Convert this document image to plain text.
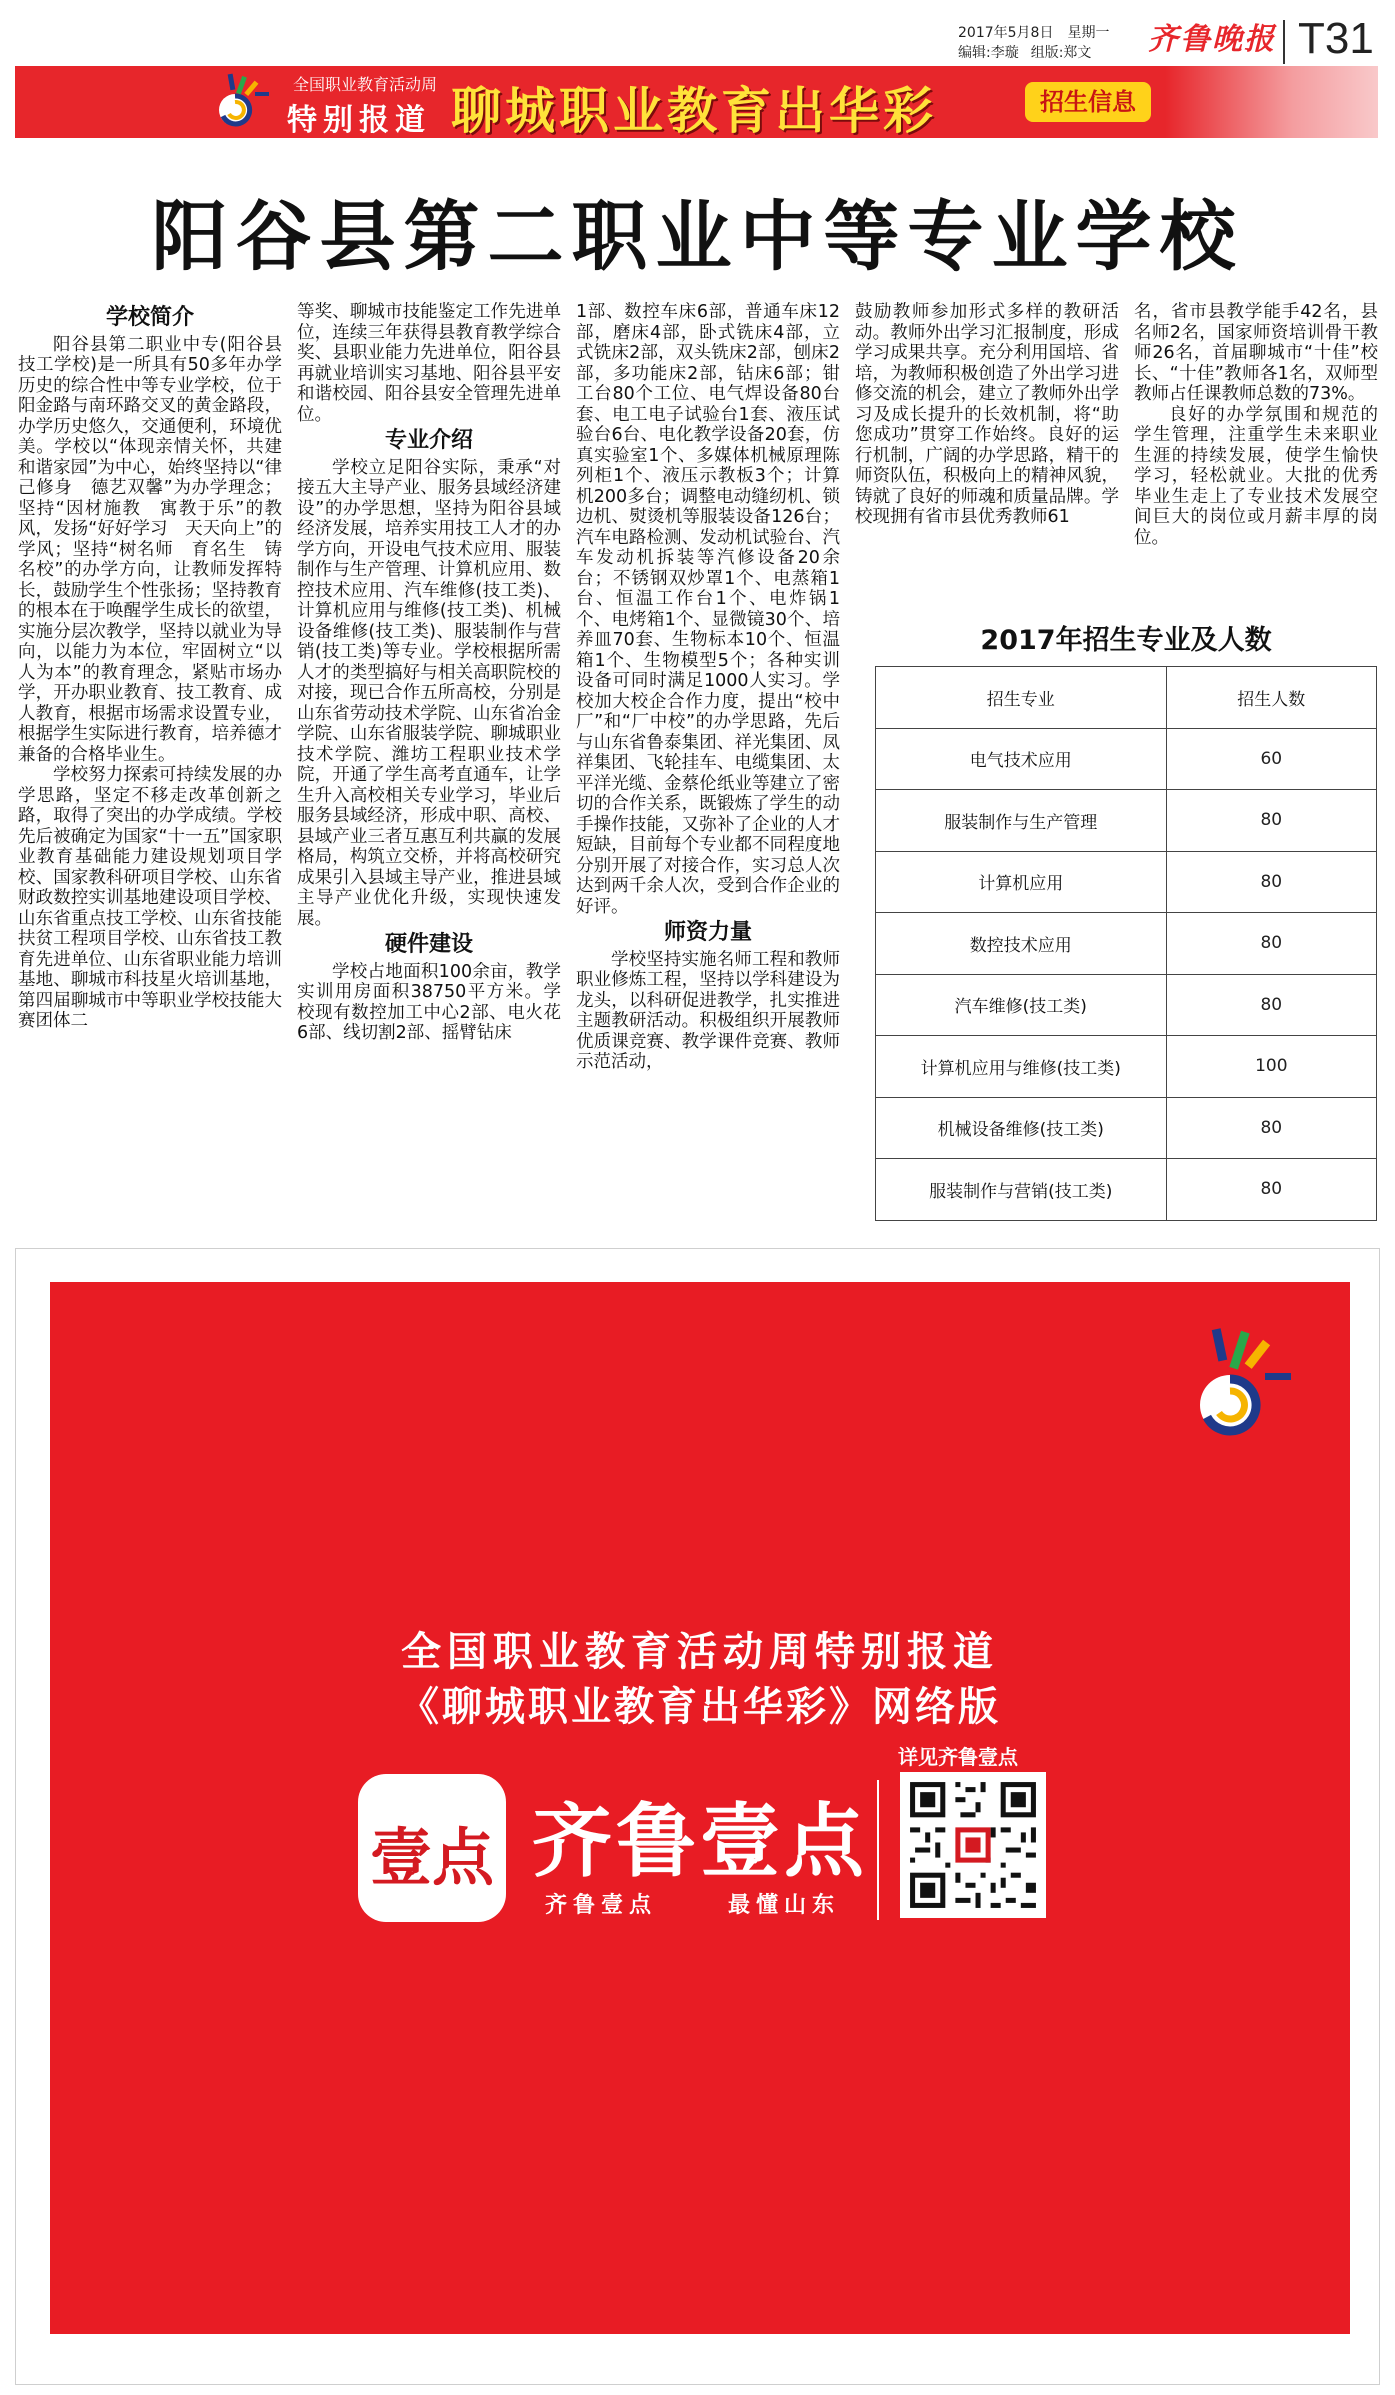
2017年5月8日 星期一
编辑:李璇 组版:郑文	齐鲁晚报 T31
全国职业教育活动周
特别报道 聊城职业教育出华彩	招生信息
阳谷县第二职业中等专业学校
学校简介

阳谷县第二职业中专(阳谷县技工学校)是一所具有50多年办学历史的综合性中等专业学校，位于阳金路与南环路交叉的黄金路段，办学历史悠久，交通便利，环境优美。学校以“体现亲情关怀，共建和谐家园”为中心，始终坚持以“律己修身　德艺双馨”为办学理念；坚持“因材施教　寓教于乐”的教风，发扬“好好学习　天天向上”的学风；坚持“树名师　育名生　铸名校”的办学方向，让教师发挥特长，鼓励学生个性张扬；坚持教育的根本在于唤醒学生成长的欲望，实施分层次教学，坚持以就业为导向，以能力为本位，牢固树立“以人为本”的教育理念，紧贴市场办学，开办职业教育、技工教育、成人教育，根据市场需求设置专业，根据学生实际进行教育，培养德才兼备的合格毕业生。

学校努力探索可持续发展的办学思路，坚定不移走改革创新之路，取得了突出的办学成绩。学校先后被确定为国家“十一五”国家职业教育基础能力建设规划项目学校、国家教科研项目学校、山东省财政数控实训基地建设项目学校、山东省重点技工学校、山东省技能扶贫工程项目学校、山东省技工教育先进单位、山东省职业能力培训基地、聊城市科技星火培训基地，第四届聊城市中等职业学校技能大赛团体二

等奖、聊城市技能鉴定工作先进单位，连续三年获得县教育教学综合奖、县职业能力先进单位，阳谷县再就业培训实习基地、阳谷县平安和谐校园、阳谷县安全管理先进单位。

专业介绍

学校立足阳谷实际，秉承“对接五大主导产业、服务县域经济建设”的办学思想，坚持为阳谷县域经济发展，培养实用技工人才的办学方向，开设电气技术应用、服装制作与生产管理、计算机应用、数控技术应用、汽车维修(技工类)、计算机应用与维修(技工类)、机械设备维修(技工类)、服装制作与营销(技工类)等专业。学校根据所需人才的类型搞好与相关高职院校的对接，现已合作五所高校，分别是山东省劳动技术学院、山东省冶金学院、山东省服装学院、聊城职业技术学院、潍坊工程职业技术学院，开通了学生高考直通车，让学生升入高校相关专业学习，毕业后服务县域经济，形成中职、高校、县域产业三者互惠互利共赢的发展格局，构筑立交桥，并将高校研究成果引入县域主导产业，推进县域主导产业优化升级，实现快速发展。

硬件建设

学校占地面积100余亩，教学实训用房面积38750平方米。学校现有数控加工中心2部、电火花6部、线切割2部、摇臂钻床

1部、数控车床6部，普通车床12部，磨床4部，卧式铣床4部，立式铣床2部，双头铣床2部，刨床2部，多功能床2部，钻床6部；钳工台80个工位、电气焊设备80台套、电工电子试验台1套、液压试验台6台、电化教学设备20套，仿真实验室1个、多媒体机械原理陈列柜1个、液压示教板3个；计算机200多台；调整电动缝纫机、锁边机、熨烫机等服装设备126台；汽车电路检测、发动机试验台、汽车发动机拆装等汽修设备20余台；不锈钢双炒罩1个、电蒸箱1台、恒温工作台1个、电炸锅1个、电烤箱1个、显微镜30个、培养皿70套、生物标本10个、恒温箱1个、生物模型5个；各种实训设备可同时满足1000人实习。学校加大校企合作力度，提出“校中厂”和“厂中校”的办学思路，先后与山东省鲁泰集团、祥光集团、凤祥集团、飞轮挂车、电缆集团、太平洋光缆、金蔡伦纸业等建立了密切的合作关系，既锻炼了学生的动手操作技能，又弥补了企业的人才短缺，目前每个专业都不同程度地分别开展了对接合作，实习总人次达到两千余人次，受到合作企业的好评。

师资力量

学校坚持实施名师工程和教师职业修炼工程，坚持以学科建设为龙头，以科研促进教学，扎实推进主题教研活动。积极组织开展教师优质课竞赛、教学课件竞赛、教师示范活动，

鼓励教师参加形式多样的教研活动。教师外出学习汇报制度，形成学习成果共享。充分利用国培、省培，为教师积极创造了外出学习进修交流的机会，建立了教师外出学习及成长提升的长效机制，将“助您成功”贯穿工作始终。良好的运行机制，广阔的办学思路，精干的师资队伍，积极向上的精神风貌，铸就了良好的师魂和质量品牌。学校现拥有省市县优秀教师61

名，省市县教学能手42名，县名师2名，国家师资培训骨干教师26名，首届聊城市“十佳”校长、“十佳”教师各1名，双师型教师占任课教师总数的73%。

良好的办学氛围和规范的学生管理，注重学生未来职业生涯的持续发展，使学生愉快学习，轻松就业。大批的优秀毕业生走上了专业技术发展空间巨大的岗位或月薪丰厚的岗位。

2017年招生专业及人数
招生专业	招生人数
电气技术应用	60
服装制作与生产管理	80
计算机应用	80
数控技术应用	80
汽车维修(技工类)	80
计算机应用与维修(技工类)	100
机械设备维修(技工类)	80
服装制作与营销(技工类)	80
全国职业教育活动周特别报道
《聊城职业教育出华彩》网络版
详见齐鲁壹点
壹点 齐鲁壹点
齐鲁壹点	最懂山东
